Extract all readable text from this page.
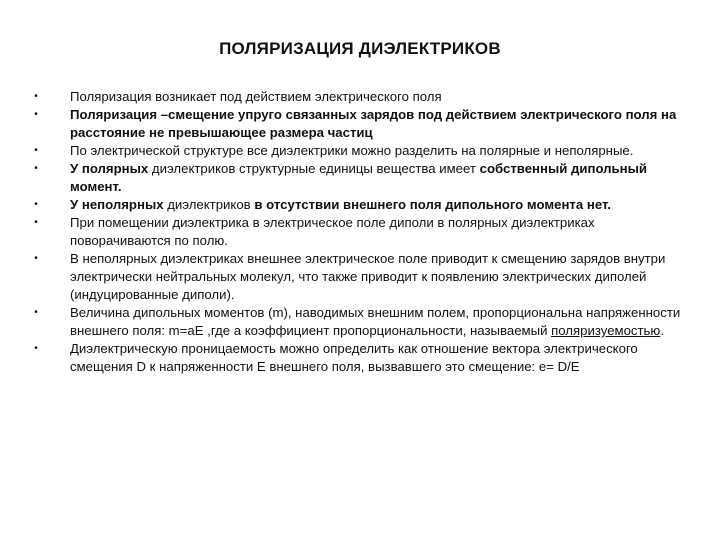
ПОЛЯРИЗАЦИЯ ДИЭЛЕКТРИКОВ
•	Поляризация возникает под действием электрического поля
•	Поляризация –смещение упруго связанных зарядов под действием электрического поля на расстояние не превышающее размера частиц
•	По электрической структуре все диэлектрики можно разделить на полярные и неполярные.
•	У полярных диэлектриков структурные единицы вещества имеет собственный дипольный момент.
•	У неполярных диэлектриков в отсутствии внешнего поля дипольного момента нет.
•	При помещении диэлектрика в электрическое поле диполи в полярных диэлектриках поворачиваются по полю.
•	В неполярных диэлектриках внешнее электрическое поле приводит к смещению зарядов внутри электрически нейтральных молекул, что также приводит к появлению электрических диполей (индуцированные диполи).
•	Величина дипольных моментов (m), наводимых внешним полем, пропорциональна напряженности внешнего поля: m=aE ,где a коэффициент пропорциональности, называемый поляризуемостью.
•	Диэлектрическую проницаемость можно определить как отношение вектора электрического смещения D к напряженности E внешнего поля, вызвавшего это смещение: e= D/E
